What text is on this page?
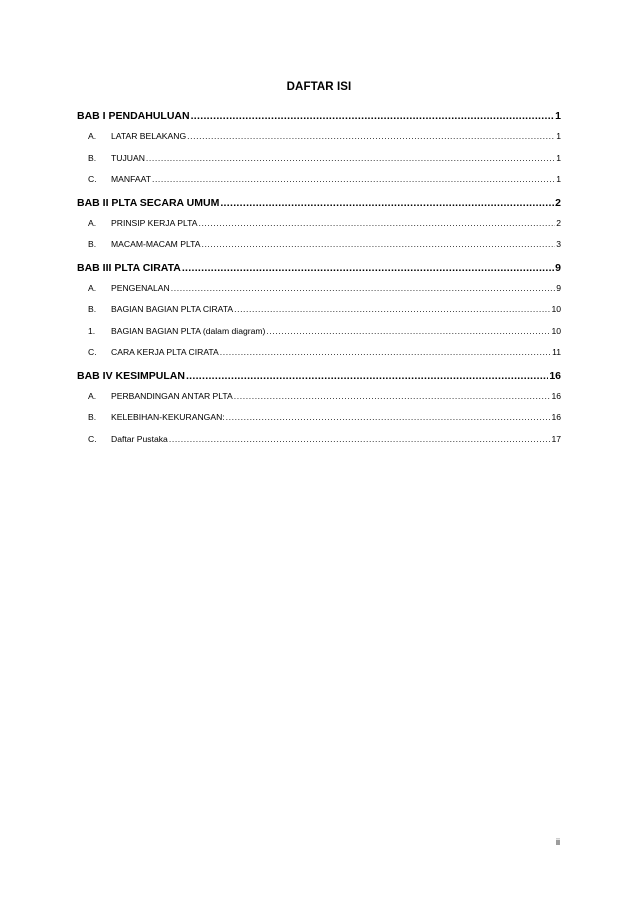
DAFTAR ISI
BAB I PENDAHULUAN .....	1
A.	LATAR BELAKANG .....	1
B.	TUJUAN .....	1
C.	MANFAAT .....	1
BAB II PLTA SECARA UMUM .....	2
A.	PRINSIP KERJA PLTA .....	2
B.	MACAM-MACAM PLTA .....	3
BAB III PLTA CIRATA .....	9
A.	PENGENALAN .....	9
B.	BAGIAN BAGIAN PLTA CIRATA .....	10
1.	BAGIAN BAGIAN PLTA (dalam diagram) .....	10
C.	CARA KERJA PLTA CIRATA .....	11
BAB IV KESIMPULAN .....	16
A.	PERBANDINGAN ANTAR PLTA .....	16
B.	KELEBIHAN-KEKURANGAN: .....	16
C.	Daftar Pustaka .....	17
ii
